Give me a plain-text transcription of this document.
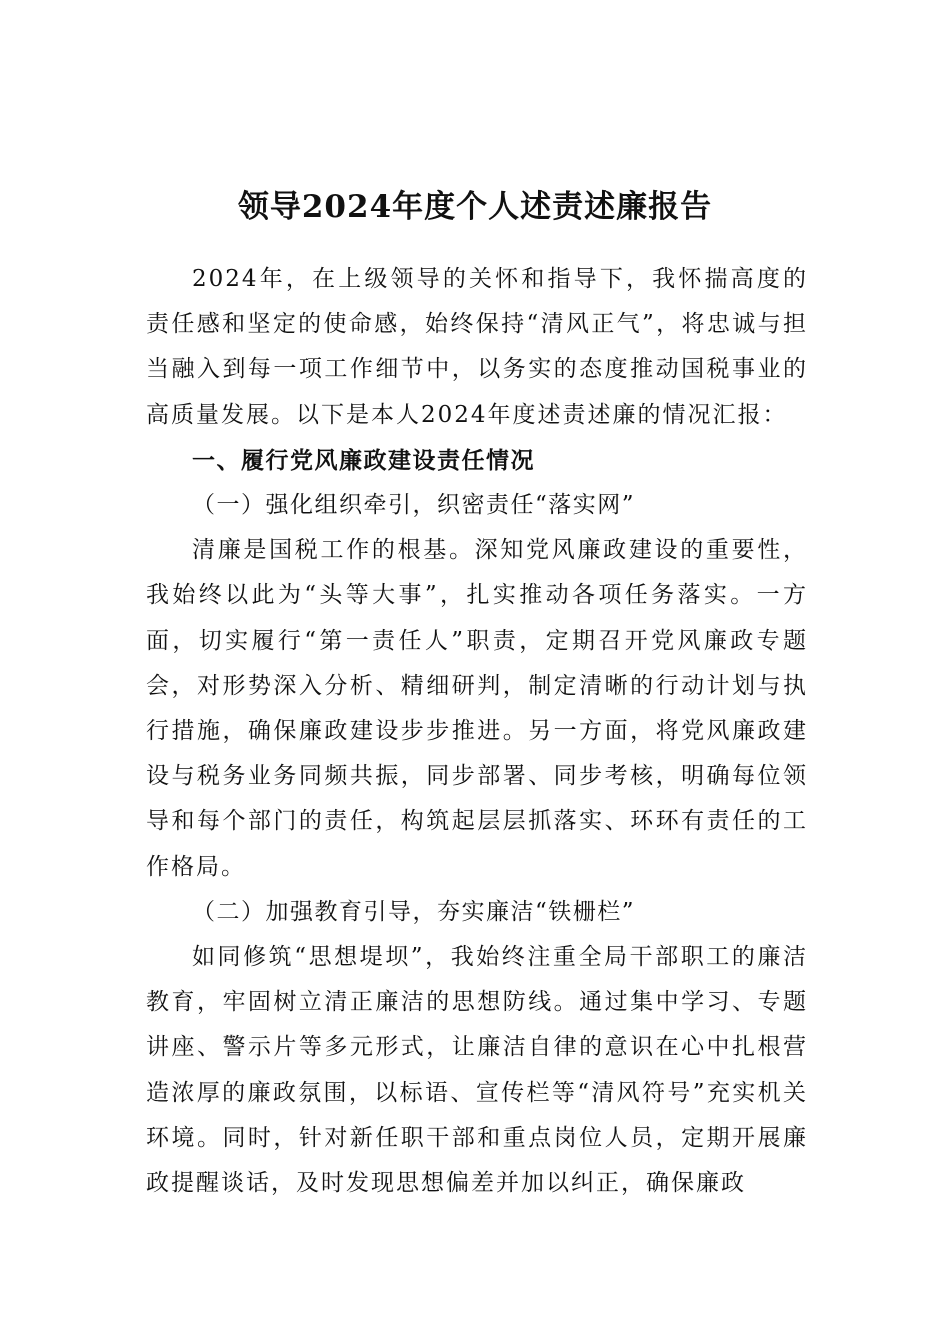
领导2024年度个人述责述廉报告

2024年，在上级领导的关怀和指导下，我怀揣高度的责任感和坚定的使命感，始终保持“清风正气”，将忠诚与担当融入到每一项工作细节中，以务实的态度推动国税事业的高质量发展。以下是本人2024年度述责述廉的情况汇报：

一、履行党风廉政建设责任情况

（一）强化组织牵引，织密责任“落实网”

清廉是国税工作的根基。深知党风廉政建设的重要性，我始终以此为“头等大事”，扎实推动各项任务落实。一方面，切实履行“第一责任人”职责，定期召开党风廉政专题会，对形势深入分析、精细研判，制定清晰的行动计划与执行措施，确保廉政建设步步推进。另一方面，将党风廉政建设与税务业务同频共振，同步部署、同步考核，明确每位领导和每个部门的责任，构筑起层层抓落实、环环有责任的工作格局。

（二）加强教育引导，夯实廉洁“铁栅栏”

如同修筑“思想堤坝”，我始终注重全局干部职工的廉洁教育，牢固树立清正廉洁的思想防线。通过集中学习、专题讲座、警示片等多元形式，让廉洁自律的意识在心中扎根营造浓厚的廉政氛围，以标语、宣传栏等“清风符号”充实机关环境。同时，针对新任职干部和重点岗位人员，定期开展廉政提醒谈话，及时发现思想偏差并加以纠正，确保廉政
